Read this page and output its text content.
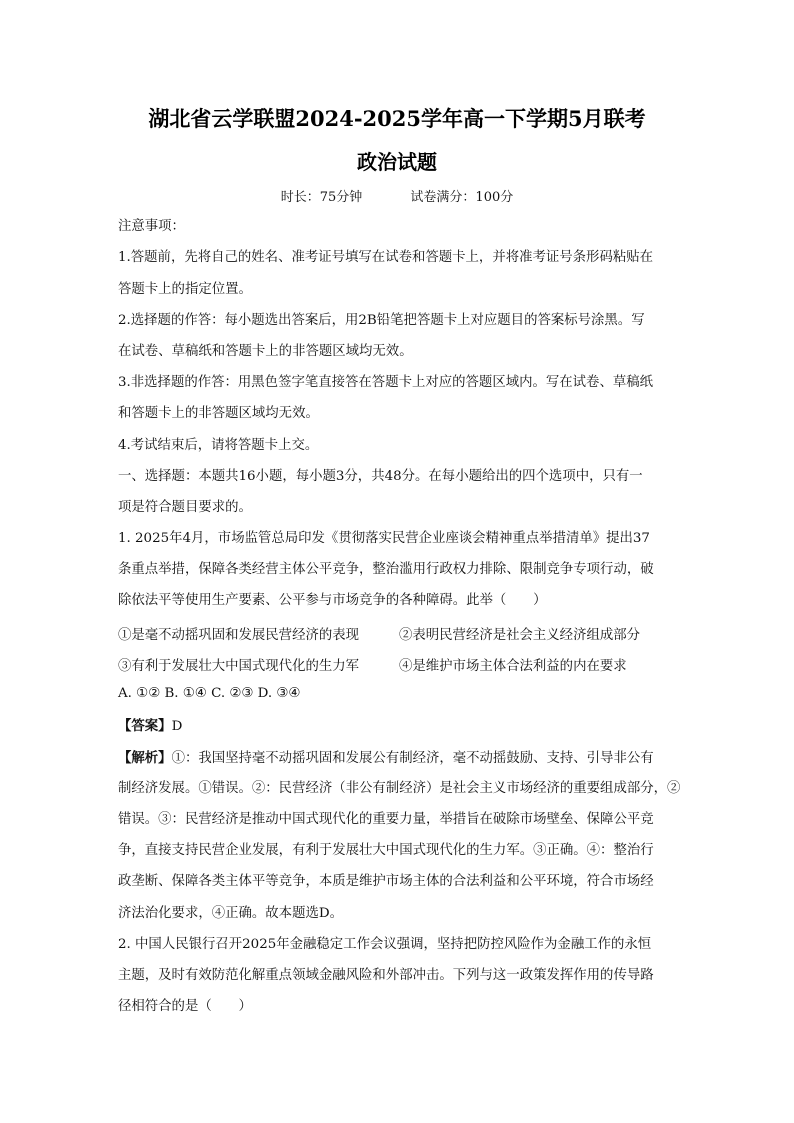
湖北省云学联盟2024-2025学年高一下学期5月联考
政治试题
时长：75分钟	试卷满分：100分
注意事项：
1.答题前，先将自己的姓名、准考证号填写在试卷和答题卡上，并将准考证号条形码粘贴在
答题卡上的指定位置。
2.选择题的作答：每小题选出答案后，用2B铅笔把答题卡上对应题目的答案标号涂黑。写
在试卷、草稿纸和答题卡上的非答题区域均无效。
3.非选择题的作答：用黑色签字笔直接答在答题卡上对应的答题区域内。写在试卷、草稿纸
和答题卡上的非答题区域均无效。
4.考试结束后，请将答题卡上交。
一、选择题：本题共16小题，每小题3分，共48分。在每小题给出的四个选项中，只有一
项是符合题目要求的。
1. 2025年4月，市场监管总局印发《贯彻落实民营企业座谈会精神重点举措清单》提出37
条重点举措，保障各类经营主体公平竞争，整治滥用行政权力排除、限制竞争专项行动，破
除依法平等使用生产要素、公平参与市场竞争的各种障碍。此举（　　）
①是毫不动摇巩固和发展民营经济的表现	②表明民营经济是社会主义经济组成部分
③有利于发展壮大中国式现代化的生力军	④是维护市场主体合法利益的内在要求
A. ①② B. ①④ C. ②③ D. ③④
【答案】D
【解析】①：我国坚持毫不动摇巩固和发展公有制经济，毫不动摇鼓励、支持、引导非公有
制经济发展。①错误。②：民营经济（非公有制经济）是社会主义市场经济的重要组成部分，②
错误。③：民营经济是推动中国式现代化的重要力量，举措旨在破除市场壁垒、保障公平竞
争，直接支持民营企业发展，有利于发展壮大中国式现代化的生力军。③正确。④：整治行
政垄断、保障各类主体平等竞争，本质是维护市场主体的合法利益和公平环境，符合市场经
济法治化要求，④正确。故本题选D。
2. 中国人民银行召开2025年金融稳定工作会议强调，坚持把防控风险作为金融工作的永恒
主题，及时有效防范化解重点领域金融风险和外部冲击。下列与这一政策发挥作用的传导路
径相符合的是（　　）
